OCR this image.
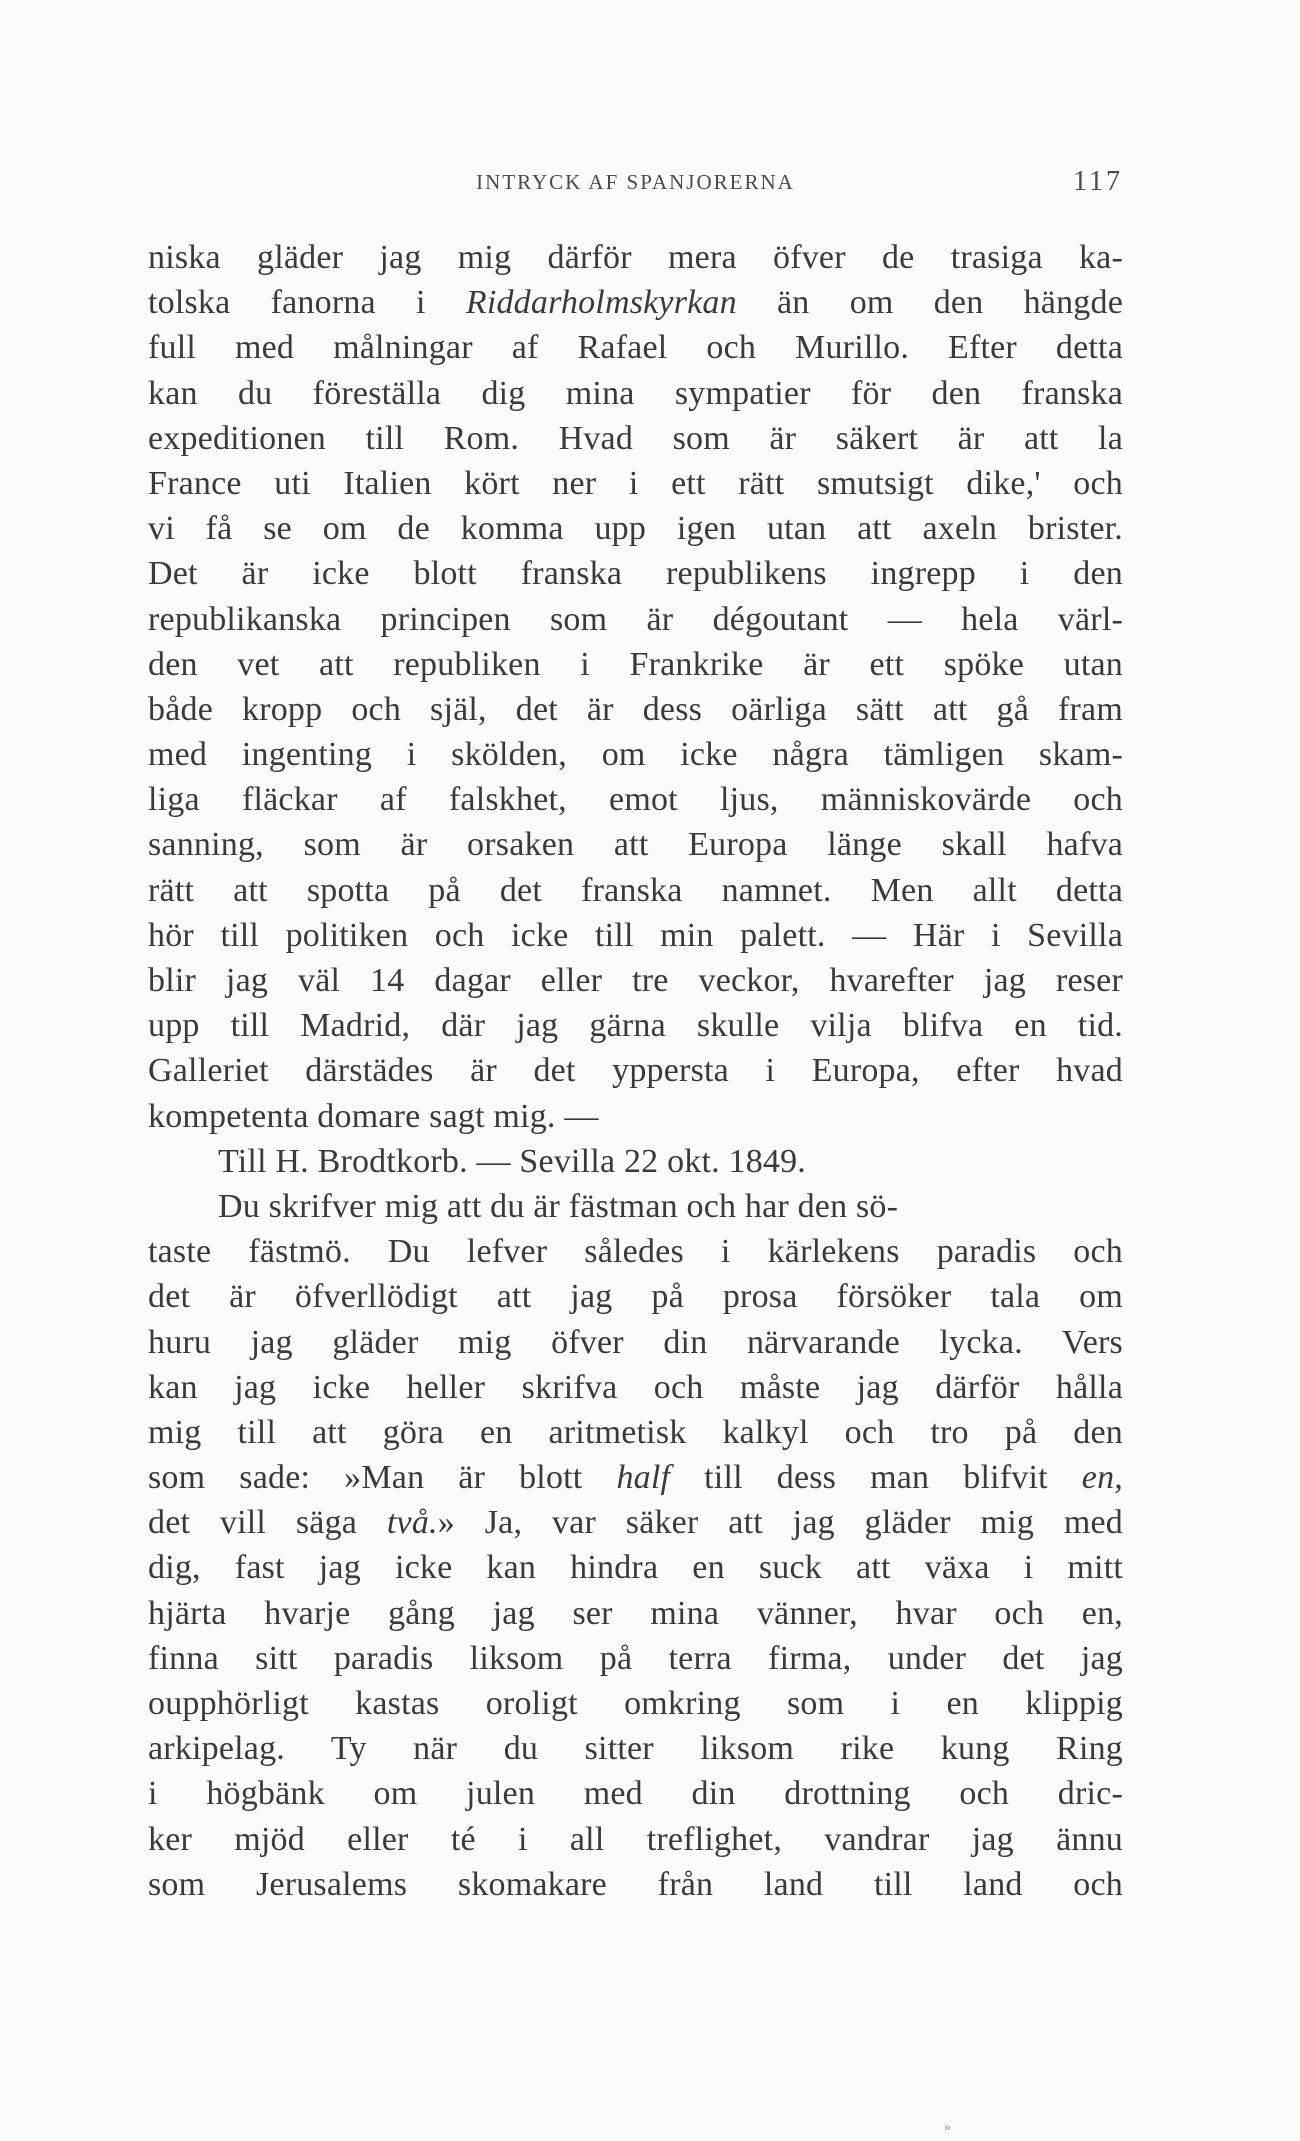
INTRYCK AF SPANJORERNA	117
niska gläder jag mig därför mera öfver de trasiga ka-
tolska fanorna i Riddarholmskyrkan än om den hängde
full med målningar af Rafael och Murillo. Efter detta
kan du föreställa dig mina sympatier för den franska
expeditionen till Rom. Hvad som är säkert är att la
France uti Italien kört ner i ett rätt smutsigt dike,' och
vi få se om de komma upp igen utan att axeln brister.
Det är icke blott franska republikens ingrepp i den
republikanska principen som är dégoutant — hela värl-
den vet att republiken i Frankrike är ett spöke utan
både kropp och själ, det är dess oärliga sätt att gå fram
med ingenting i skölden, om icke några tämligen skam-
liga fläckar af falskhet, emot ljus, människovärde och
sanning, som är orsaken att Europa länge skall hafva
rätt att spotta på det franska namnet. Men allt detta
hör till politiken och icke till min palett. — Här i Sevilla
blir jag väl 14 dagar eller tre veckor, hvarefter jag reser
upp till Madrid, där jag gärna skulle vilja blifva en tid.
Galleriet därstädes är det yppersta i Europa, efter hvad
kompetenta domare sagt mig. —
Till H. Brodtkorb. — Sevilla 22 okt. 1849.
Du skrifver mig att du är fästman och har den sö-
taste fästmö. Du lefver således i kärlekens paradis och
det är öfverllödigt att jag på prosa försöker tala om
huru jag gläder mig öfver din närvarande lycka. Vers
kan jag icke heller skrifva och måste jag därför hålla
mig till att göra en aritmetisk kalkyl och tro på den
som sade: »Man är blott half till dess man blifvit en,
det vill säga två.» Ja, var säker att jag gläder mig med
dig, fast jag icke kan hindra en suck att växa i mitt
hjärta hvarje gång jag ser mina vänner, hvar och en,
finna sitt paradis liksom på terra firma, under det jag
oupphörligt kastas oroligt omkring som i en klippig
arkipelag. Ty när du sitter liksom rike kung Ring
i högbänk om julen med din drottning och dric-
ker mjöd eller té i all treflighet, vandrar jag ännu
som Jerusalems skomakare från land till land och
»
